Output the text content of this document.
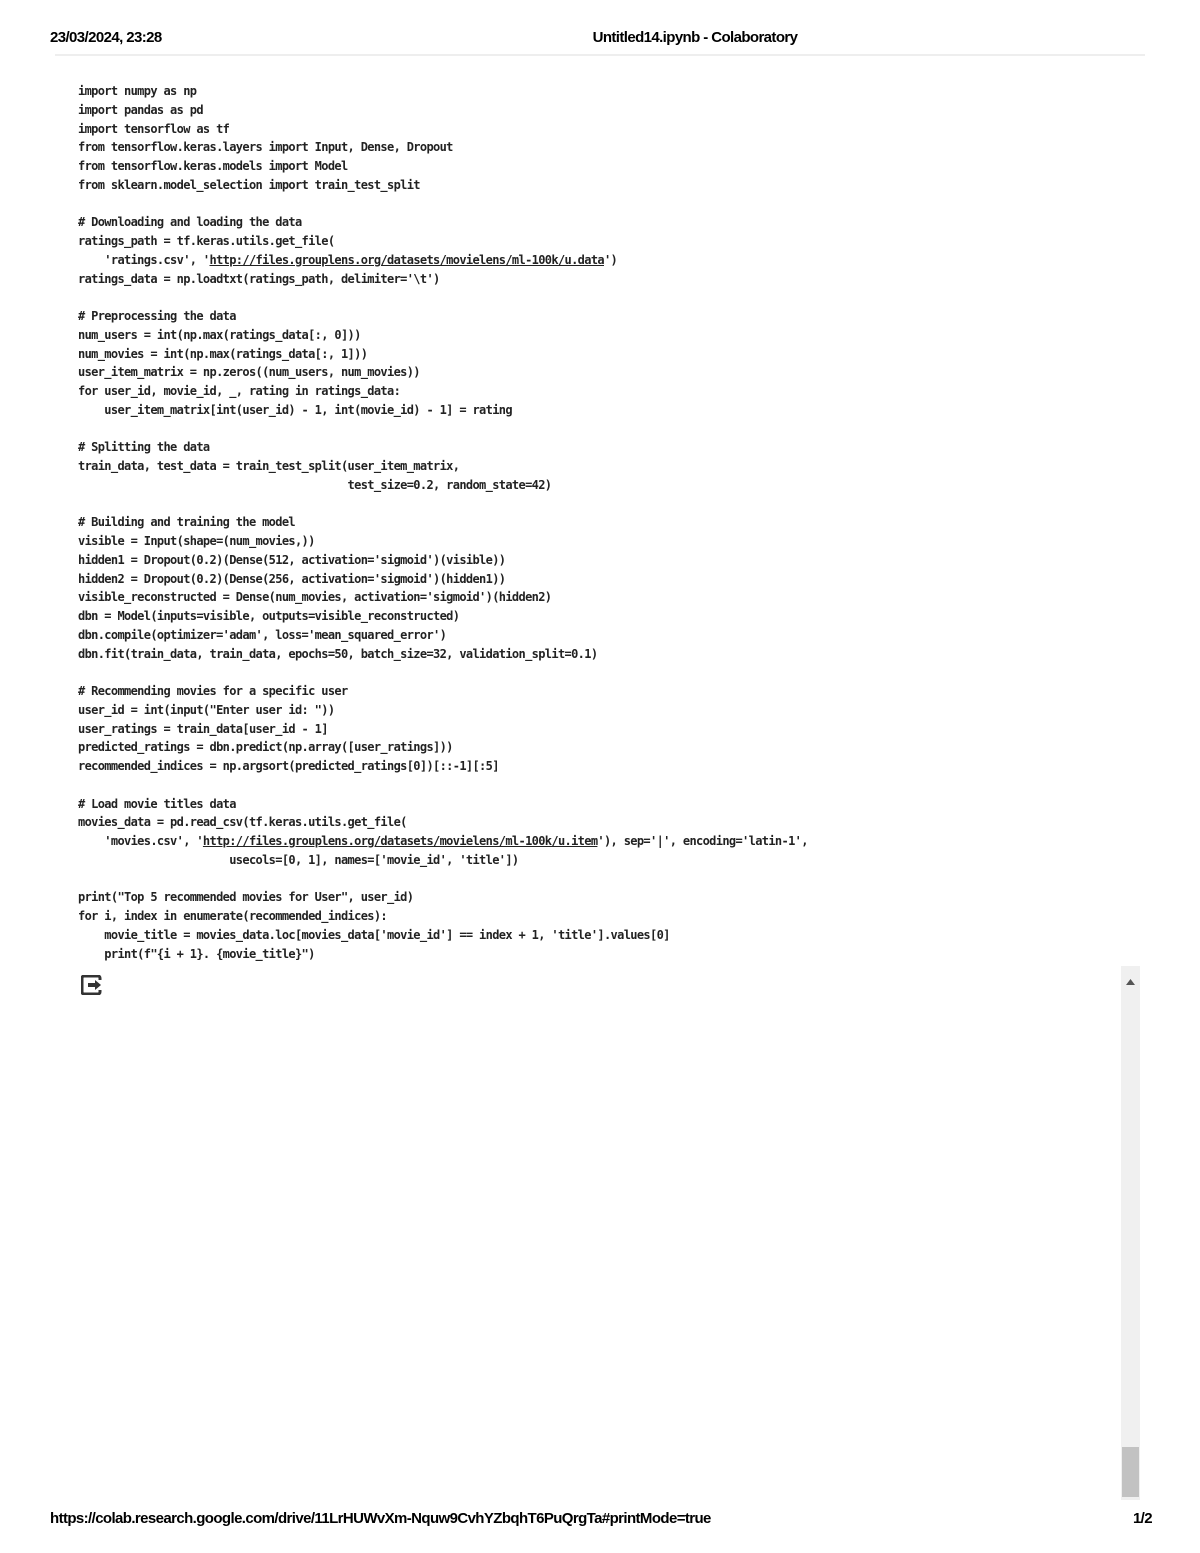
23/03/2024, 23:28	Untitled14.ipynb - Colaboratory
import numpy as np
import pandas as pd
import tensorflow as tf
from tensorflow.keras.layers import Input, Dense, Dropout
from tensorflow.keras.models import Model
from sklearn.model_selection import train_test_split

# Downloading and loading the data
ratings_path = tf.keras.utils.get_file(
'ratings.csv', 'http://files.grouplens.org/datasets/movielens/ml-100k/u.data')
ratings_data = np.loadtxt(ratings_path, delimiter='\t')

# Preprocessing the data
num_users = int(np.max(ratings_data[:, 0]))
num_movies = int(np.max(ratings_data[:, 1]))
user_item_matrix = np.zeros((num_users, num_movies))
for user_id, movie_id, _, rating in ratings_data:
user_item_matrix[int(user_id) - 1, int(movie_id) - 1] = rating

# Splitting the data
train_data, test_data = train_test_split(user_item_matrix,
test_size=0.2, random_state=42)

# Building and training the model
visible = Input(shape=(num_movies,))
hidden1 = Dropout(0.2)(Dense(512, activation='sigmoid')(visible))
hidden2 = Dropout(0.2)(Dense(256, activation='sigmoid')(hidden1))
visible_reconstructed = Dense(num_movies, activation='sigmoid')(hidden2)
dbn = Model(inputs=visible, outputs=visible_reconstructed)
dbn.compile(optimizer='adam', loss='mean_squared_error')
dbn.fit(train_data, train_data, epochs=50, batch_size=32, validation_split=0.1)

# Recommending movies for a specific user
user_id = int(input("Enter user id: "))
user_ratings = train_data[user_id - 1]
predicted_ratings = dbn.predict(np.array([user_ratings]))
recommended_indices = np.argsort(predicted_ratings[0])[::-1][:5]

# Load movie titles data
movies_data = pd.read_csv(tf.keras.utils.get_file(
'movies.csv', 'http://files.grouplens.org/datasets/movielens/ml-100k/u.item'), sep='|', encoding='latin-1',
usecols=[0, 1], names=['movie_id', 'title'])

print("Top 5 recommended movies for User", user_id)
for i, index in enumerate(recommended_indices):
movie_title = movies_data.loc[movies_data['movie_id'] == index + 1, 'title'].values[0]
print(f"{i + 1}. {movie_title}")
https://colab.research.google.com/drive/11LrHUWvXm-Nquw9CvhYZbqhT6PuQrgTa#printMode=true	1/2
